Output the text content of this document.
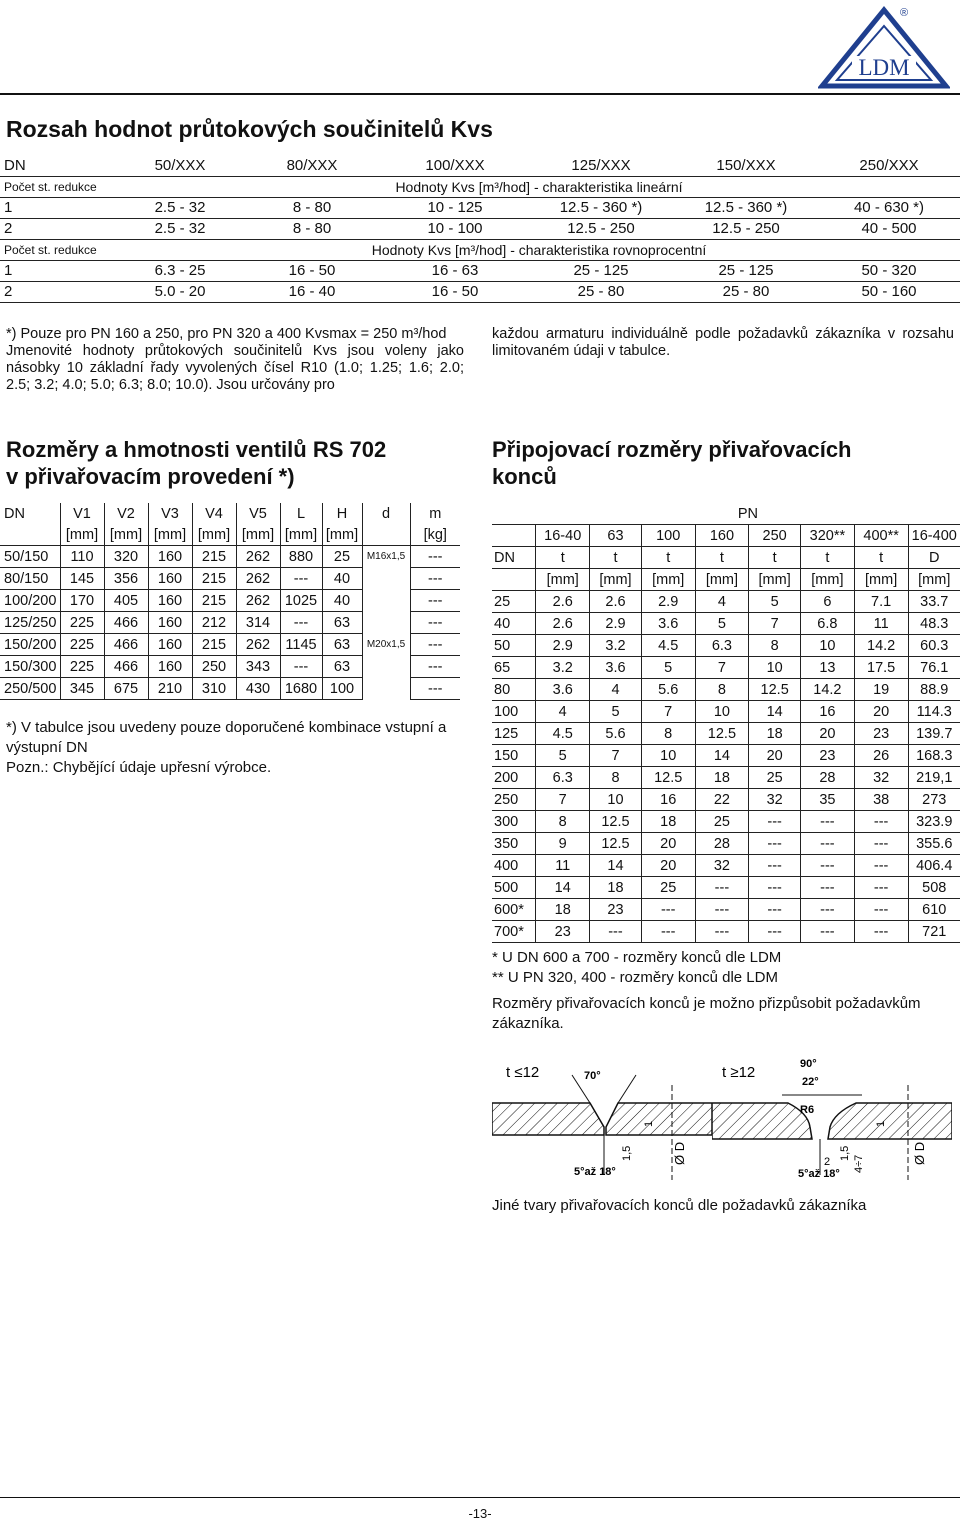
LDM
®
Rozsah hodnot průtokových součinitelů Kvs
DN	50/XXX	80/XXX	100/XXX	125/XXX	150/XXX	250/XXX
Počet st. redukce	Hodnoty Kvs [m³/hod] - charakteristika lineární					
1	2.5 - 32	8 - 80	10 - 125	12.5 - 360 *)	12.5 - 360 *)	40 - 630 *)
2	2.5 - 32	8 - 80	10 - 100	12.5 - 250	12.5 - 250	40 - 500
Počet st. redukce	Hodnoty Kvs [m³/hod] - charakteristika rovnoprocentní					
1	6.3 - 25	16 - 50	16 - 63	25 - 125	25 - 125	50 - 320
2	5.0 - 20	16 - 40	16 - 50	25 - 80	25 - 80	50 - 160
*) Pouze pro PN 160 a 250, pro PN 320 a 400 Kvsmax = 250 m³/hod
Jmenovité hodnoty průtokových součinitelů Kvs jsou voleny jako násobky 10 základní řady vyvolených čísel R10 (1.0; 1.25; 1.6; 2.0; 2.5; 3.2; 4.0; 5.0; 6.3; 8.0; 10.0). Jsou určovány pro
každou armaturu individuálně podle požadavků zákazníka v rozsahu limitovaném údaji v tabulce.
Rozměry a hmotnosti ventilů RS 702
v přivařovacím provedení *)
Připojovací rozměry přivařovacích
konců
DN	V1	V2	V3	V4	V5	L	H	d	m
	[mm]	[mm]	[mm]	[mm]	[mm]	[mm]	[mm]		[kg]
50/150	110	320	160	215	262	880	25	M16x1,5	---
80/150	145	356	160	215	262	---	40		---
100/200	170	405	160	215	262	1025	40		---
125/250	225	466	160	212	314	---	63		---
150/200	225	466	160	215	262	1145	63	M20x1,5	---
150/300	225	466	160	250	343	---	63		---
250/500	345	675	210	310	430	1680	100		---
*) V tabulce jsou uvedeny pouze doporučené kombinace vstupní a výstupní DN
Pozn.: Chybějící údaje upřesní výrobce.
	PN							
	16-40	63	100	160	250	320**	400**	16-400
DN	t	t	t	t	t	t	t	D
	[mm]	[mm]	[mm]	[mm]	[mm]	[mm]	[mm]	[mm]
25	2.6	2.6	2.9	4	5	6	7.1	33.7
40	2.6	2.9	3.6	5	7	6.8	11	48.3
50	2.9	3.2	4.5	6.3	8	10	14.2	60.3
65	3.2	3.6	5	7	10	13	17.5	76.1
80	3.6	4	5.6	8	12.5	14.2	19	88.9
100	4	5	7	10	14	16	20	114.3
125	4.5	5.6	8	12.5	18	20	23	139.7
150	5	7	10	14	20	23	26	168.3
200	6.3	8	12.5	18	25	28	32	219,1
250	7	10	16	22	32	35	38	273
300	8	12.5	18	25	---	---	---	323.9
350	9	12.5	20	28	---	---	---	355.6
400	11	14	20	32	---	---	---	406.4
500	14	18	25	---	---	---	---	508
600*	18	23	---	---	---	---	---	610
700*	23	---	---	---	---	---	---	721
* U DN 600 a 700 - rozměry konců dle LDM
** U PN 320, 400 - rozměry konců dle LDM
Rozměry přivařovacích konců je možno přizpůsobit požadavkům zákazníka.
t ≤12	70°
5°až 18°
1,5
1
Ø D
t ≥12	90°
22°
R6
5°až 18°
2
1,5
4÷7
1
Ø D
Jiné tvary přivařovacích konců dle požadavků zákazníka
-13-
